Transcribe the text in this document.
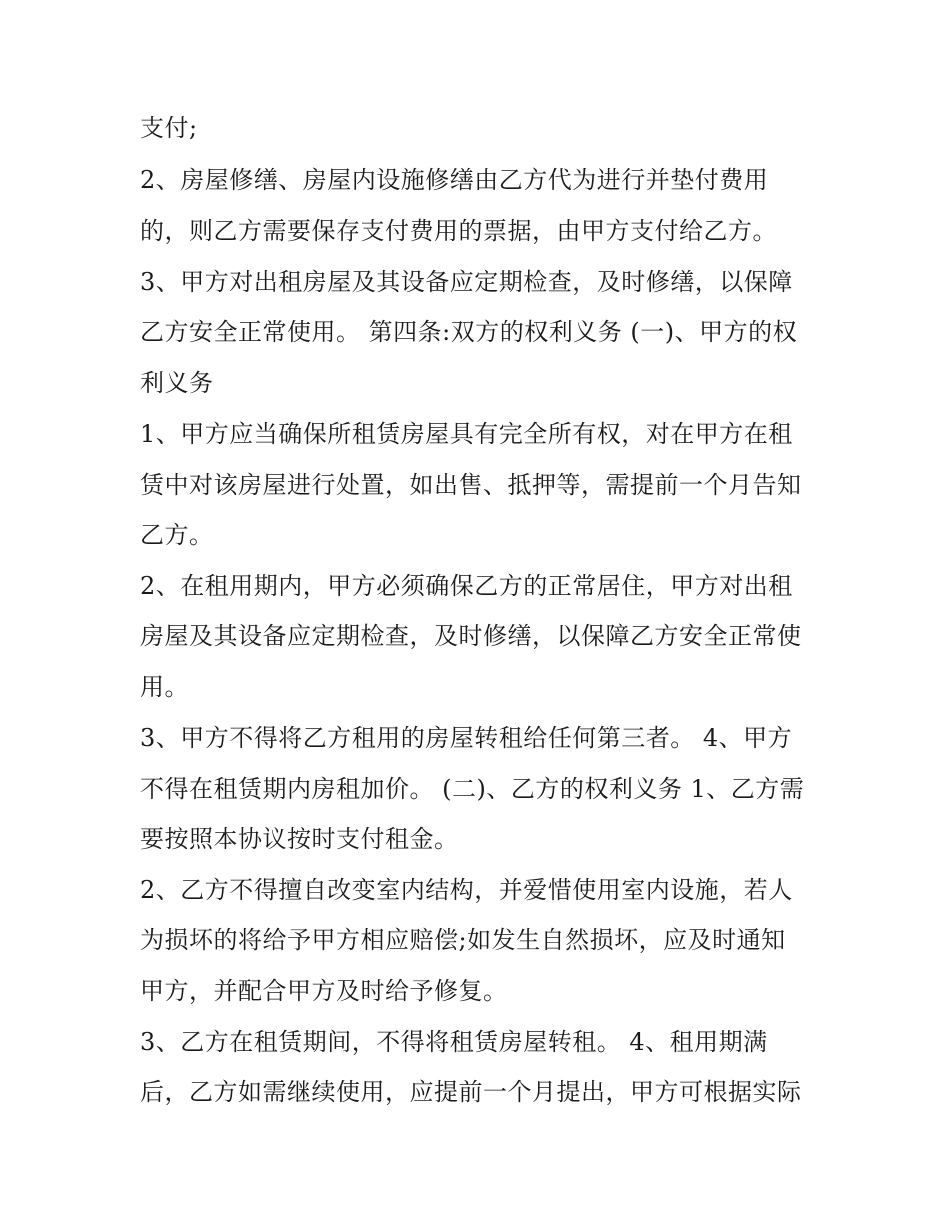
支付;

2、房屋修缮、房屋内设施修缮由乙方代为进行并垫付费用

的，则乙方需要保存支付费用的票据，由甲方支付给乙方。

3、甲方对出租房屋及其设备应定期检查，及时修缮，以保障

乙方安全正常使用。 第四条:双方的权利义务 (一)、甲方的权

利义务

1、甲方应当确保所租赁房屋具有完全所有权，对在甲方在租

赁中对该房屋进行处置，如出售、抵押等，需提前一个月告知

乙方。

2、在租用期内，甲方必须确保乙方的正常居住，甲方对出租

房屋及其设备应定期检查，及时修缮，以保障乙方安全正常使

用。

3、甲方不得将乙方租用的房屋转租给任何第三者。 4、甲方

不得在租赁期内房租加价。 (二)、乙方的权利义务 1、乙方需

要按照本协议按时支付租金。

2、乙方不得擅自改变室内结构，并爱惜使用室内设施，若人

为损坏的将给予甲方相应赔偿;如发生自然损坏，应及时通知

甲方，并配合甲方及时给予修复。

3、乙方在租赁期间，不得将租赁房屋转租。 4、租用期满

后，乙方如需继续使用，应提前一个月提出，甲方可根据实际
